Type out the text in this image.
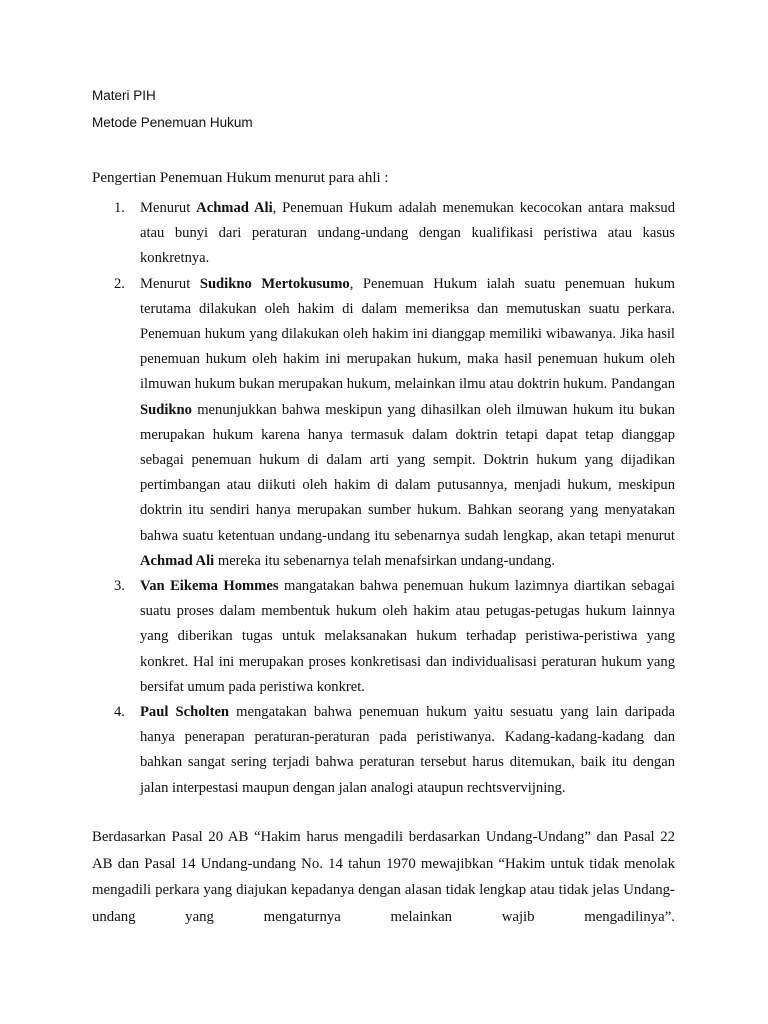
Materi PIH
Metode Penemuan Hukum
Pengertian Penemuan Hukum menurut para ahli :
1. Menurut Achmad Ali, Penemuan Hukum adalah menemukan kecocokan antara maksud atau bunyi dari peraturan undang-undang dengan kualifikasi peristiwa atau kasus konkretnya.

2. Menurut Sudikno Mertokusumo, Penemuan Hukum ialah suatu penemuan hukum terutama dilakukan oleh hakim di dalam memeriksa dan memutuskan suatu perkara. Penemuan hukum yang dilakukan oleh hakim ini dianggap memiliki wibawanya. Jika hasil penemuan hukum oleh hakim ini merupakan hukum, maka hasil penemuan hukum oleh ilmuwan hukum bukan merupakan hukum, melainkan ilmu atau doktrin hukum. Pandangan Sudikno menunjukkan bahwa meskipun yang dihasilkan oleh ilmuwan hukum itu bukan merupakan hukum karena hanya termasuk dalam doktrin tetapi dapat tetap dianggap sebagai penemuan hukum di dalam arti yang sempit. Doktrin hukum yang dijadikan pertimbangan atau diikuti oleh hakim di dalam putusannya, menjadi hukum, meskipun doktrin itu sendiri hanya merupakan sumber hukum. Bahkan seorang yang menyatakan bahwa suatu ketentuan undang-undang itu sebenarnya sudah lengkap, akan tetapi menurut Achmad Ali mereka itu sebenarnya telah menafsirkan undang-undang.

3. Van Eikema Hommes mangatakan bahwa penemuan hukum lazimnya diartikan sebagai suatu proses dalam membentuk hukum oleh hakim atau petugas-petugas hukum lainnya yang diberikan tugas untuk melaksanakan hukum terhadap peristiwa-peristiwa yang konkret. Hal ini merupakan proses konkretisasi dan individualisasi peraturan hukum yang bersifat umum pada peristiwa konkret.

4. Paul Scholten mengatakan bahwa penemuan hukum yaitu sesuatu yang lain daripada hanya penerapan peraturan-peraturan pada peristiwanya. Kadang-kadang-kadang dan bahkan sangat sering terjadi bahwa peraturan tersebut harus ditemukan, baik itu dengan jalan interpestasi maupun dengan jalan analogi ataupun rechtsvervijning.

Berdasarkan Pasal 20 AB “Hakim harus mengadili berdasarkan Undang-Undang” dan Pasal 22 AB dan Pasal 14 Undang-undang No. 14 tahun 1970 mewajibkan “Hakim untuk tidak menolak mengadili perkara yang diajukan kepadanya dengan alasan tidak lengkap atau tidak jelas Undang-undang yang mengaturnya melainkan wajib mengadilinya”.
